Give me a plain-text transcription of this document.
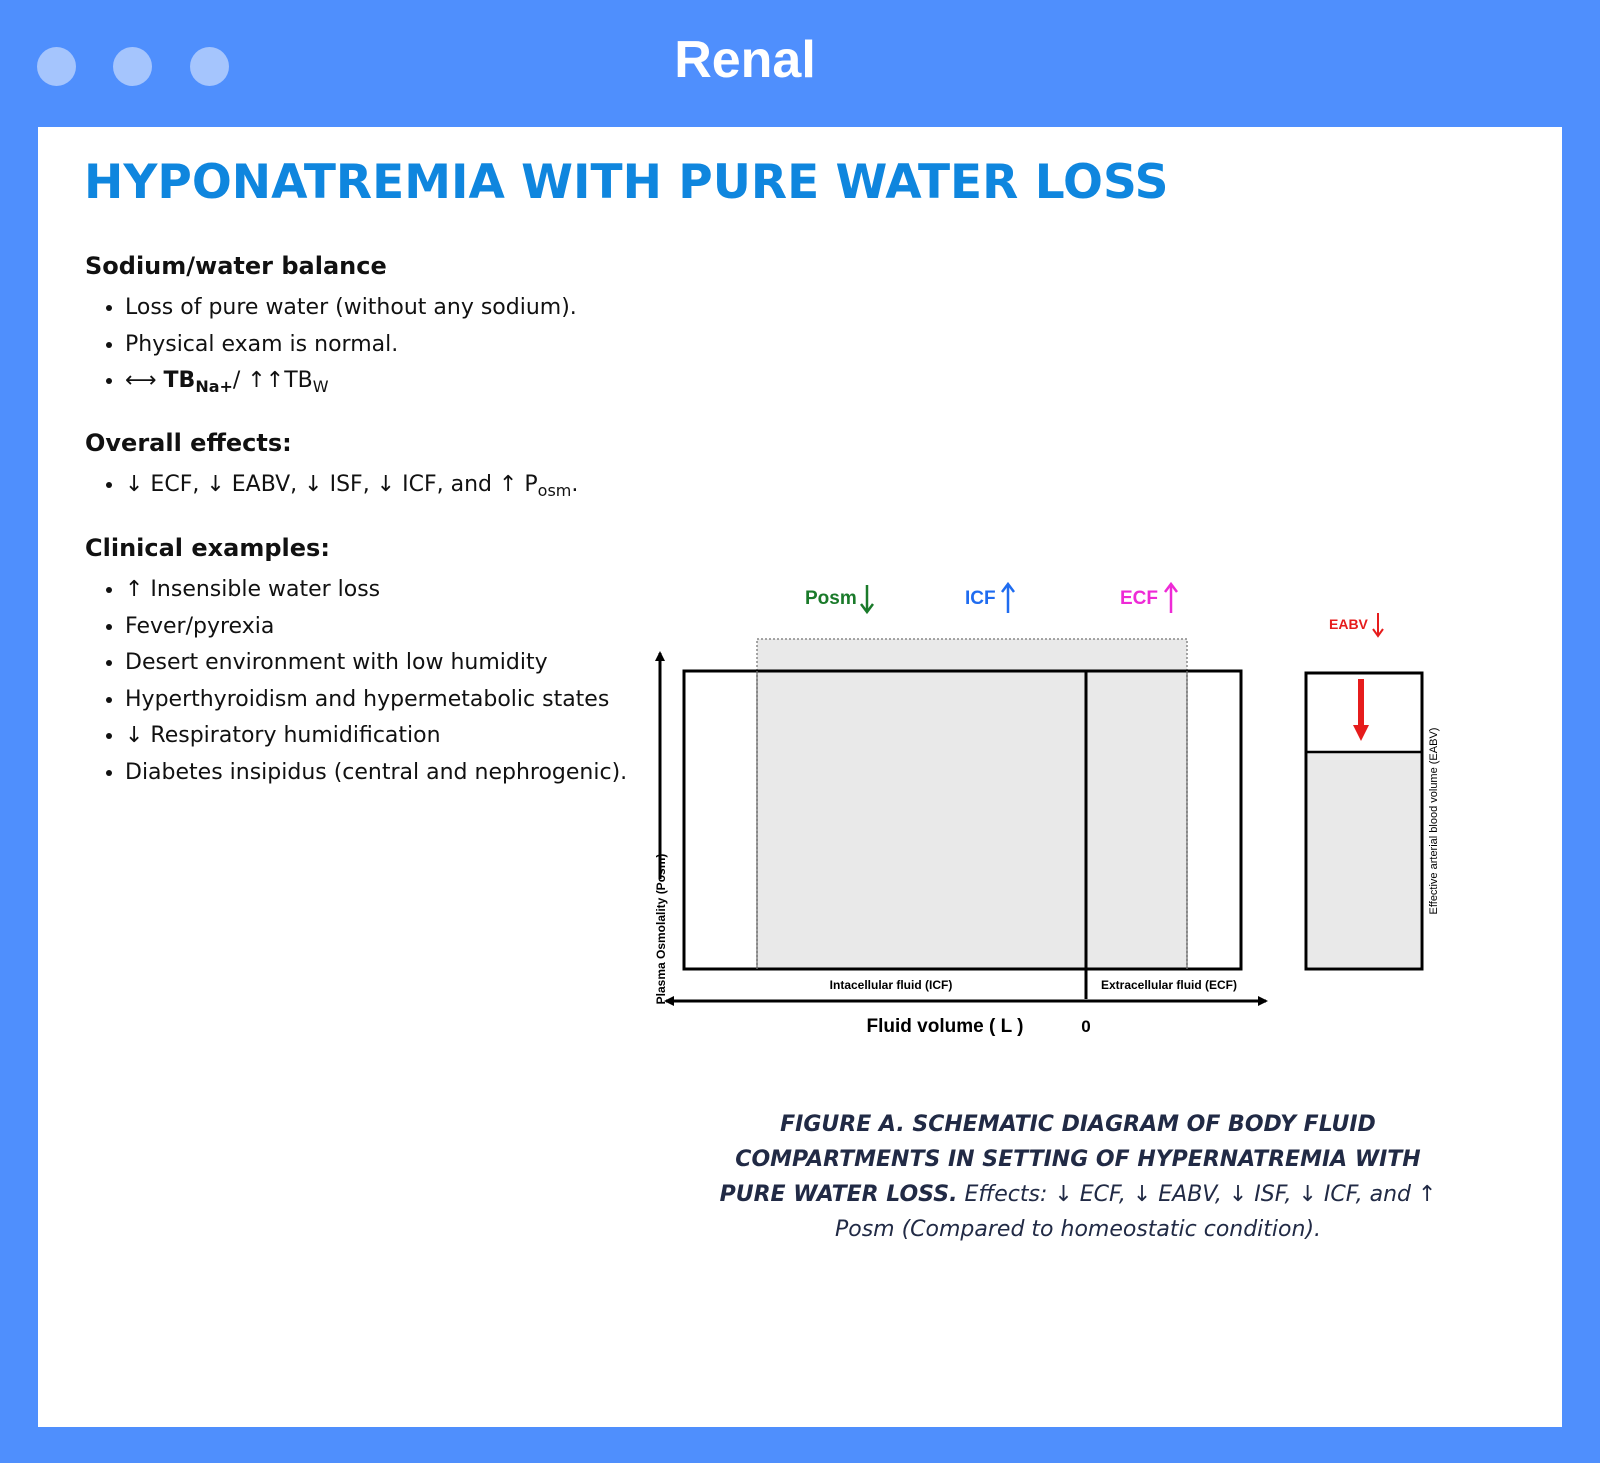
Renal
HYPONATREMIA WITH PURE WATER LOSS
Sodium/water balance
• Loss of pure water (without any sodium).
• Physical exam is normal.
• ⟷ $TB_{Na+}/$ $↑↑TB_W$
Overall effects:
• ↓ ECF, ↓ EABV, ↓ ISF, ↓ ICF, and ↑ $P_{osm}$.
Clinical examples:
• ↑ Insensible water loss
• Fever/pyrexia
• Desert environment with low humidity
• Hyperthyroidism and hypermetabolic states
• ↓ Respiratory humidification
• Diabetes insipidus (central and nephrogenic).
Posm	ICF	ECF
EABV
Plasma Osmolality (Posm)	Intacellular fluid (ICF)	Extracellular fluid (ECF)
Fluid volume ( L )	0
Effective arterial blood volume (EABV)
FIGURE A. SCHEMATIC DIAGRAM OF BODY FLUID COMPARTMENTS IN SETTING OF HYPERNATREMIA WITH PURE WATER LOSS. Effects: ↓ ECF, ↓ EABV, ↓ ISF, ↓ ICF, and ↑ Posm (Compared to homeostatic condition).
